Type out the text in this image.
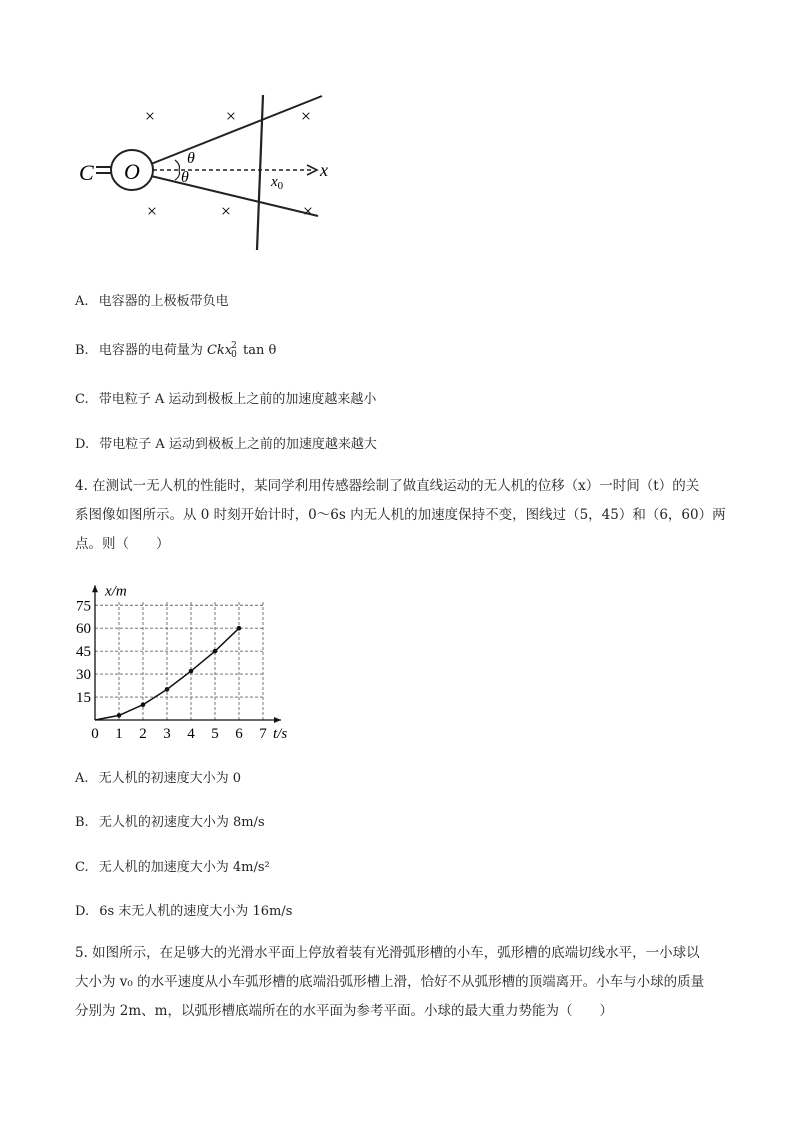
×	×	×
×	×	×
C O	x
θ
θ	$x_0$
A. 电容器的上极板带负电
B. 电容器的电荷量为 Ckx 2
0 tan θ
C. 带电粒子 A 运动到极板上之前的加速度越来越小
D. 带电粒子 A 运动到极板上之前的加速度越来越大
4. 在测试一无人机的性能时，某同学利用传感器绘制了做直线运动的无人机的位移（x）一时间（t）的关
系图像如图所示。从 0 时刻开始计时，0～6s 内无人机的加速度保持不变，图线过（5，45）和（6，60）两
点。则（　　）
0 1 2 3 4 5 6 7
15
30
45
60
75
t/s
x/m
A. 无人机的初速度大小为 0
B. 无人机的初速度大小为 8m/s
C. 无人机的加速度大小为 4m/s²
D. 6s 末无人机的速度大小为 16m/s
5. 如图所示，在足够大的光滑水平面上停放着装有光滑弧形槽的小车，弧形槽的底端切线水平，一小球以
大小为 v₀ 的水平速度从小车弧形槽的底端沿弧形槽上滑，恰好不从弧形槽的顶端离开。小车与小球的质量
分别为 2m、m，以弧形槽底端所在的水平面为参考平面。小球的最大重力势能为（　　）
